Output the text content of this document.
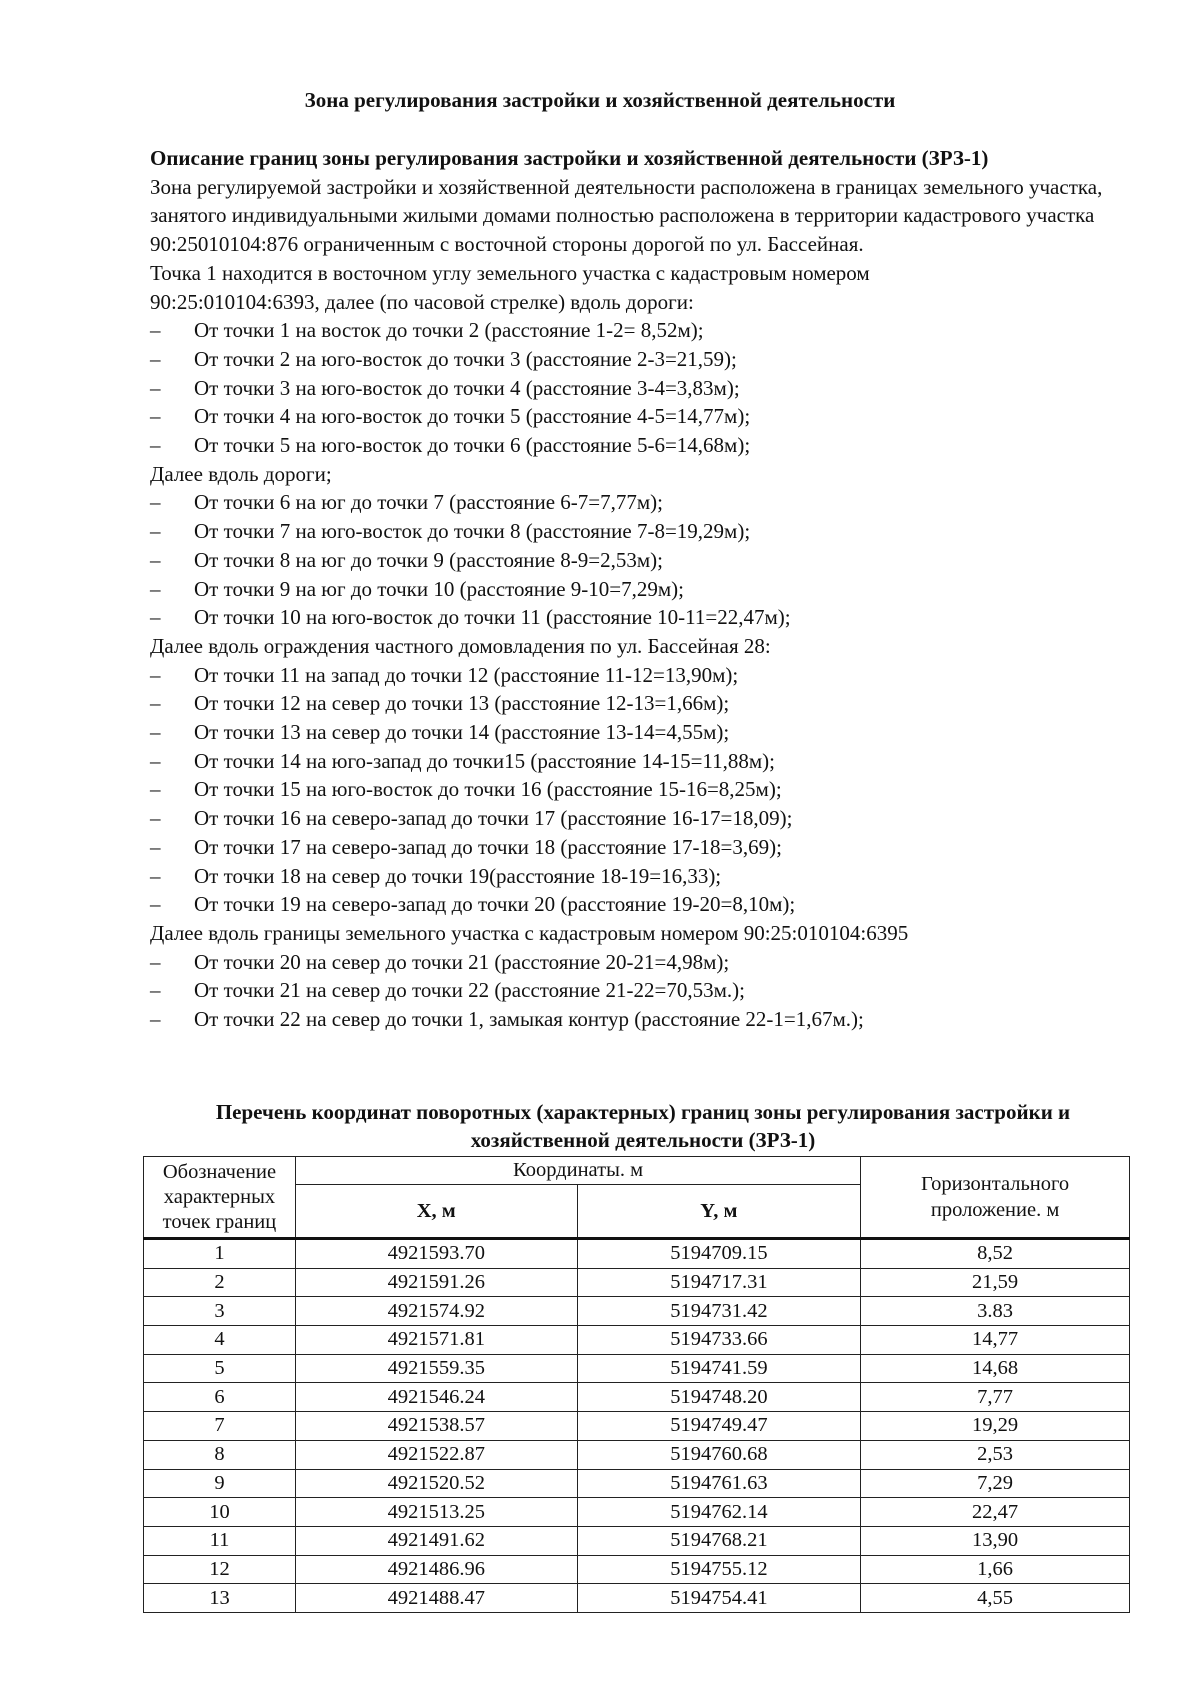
Зона регулирования застройки и хозяйственной деятельности
Описание границ зоны регулирования застройки и хозяйственной деятельности (ЗРЗ-1)
Зона регулируемой застройки и хозяйственной деятельности расположена в границах земельного участка, занятого индивидуальными жилыми домами полностью расположена в территории кадастрового участка 90:25010104:876 ограниченным с восточной стороны дорогой по ул. Бассейная.
Точка 1 находится в восточном углу земельного участка с кадастровым номером
90:25:010104:6393, далее (по часовой стрелке) вдоль дороги:
– От точки 1 на восток до точки 2 (расстояние 1-2= 8,52м);
– От точки 2 на юго-восток до точки 3 (расстояние 2-3=21,59);
– От точки 3 на юго-восток до точки 4 (расстояние 3-4=3,83м);
– От точки 4 на юго-восток до точки 5 (расстояние 4-5=14,77м);
– От точки 5 на юго-восток до точки 6 (расстояние 5-6=14,68м);
Далее вдоль дороги;
– От точки 6 на юг до точки 7 (расстояние 6-7=7,77м);
– От точки 7 на юго-восток до точки 8 (расстояние 7-8=19,29м);
– От точки 8 на юг до точки 9 (расстояние 8-9=2,53м);
– От точки 9 на юг до точки 10 (расстояние 9-10=7,29м);
– От точки 10 на юго-восток до точки 11 (расстояние 10-11=22,47м);
Далее вдоль ограждения частного домовладения по ул. Бассейная 28:
– От точки 11 на запад до точки 12 (расстояние 11-12=13,90м);
– От точки 12 на север до точки 13 (расстояние 12-13=1,66м);
– От точки 13 на север до точки 14 (расстояние 13-14=4,55м);
– От точки 14 на юго-запад до точки15 (расстояние 14-15=11,88м);
– От точки 15 на юго-восток до точки 16 (расстояние 15-16=8,25м);
– От точки 16 на северо-запад до точки 17 (расстояние 16-17=18,09);
– От точки 17 на северо-запад до точки 18 (расстояние 17-18=3,69);
– От точки 18 на север до точки 19(расстояние 18-19=16,33);
– От точки 19 на северо-запад до точки 20 (расстояние 19-20=8,10м);
Далее вдоль границы земельного участка с кадастровым номером 90:25:010104:6395
– От точки 20 на север до точки 21 (расстояние 20-21=4,98м);
– От точки 21 на север до точки 22 (расстояние 21-22=70,53м.);
– От точки 22 на север до точки 1, замыкая контур (расстояние 22-1=1,67м.);
Перечень координат поворотных (характерных) границ зоны регулирования застройки и хозяйственной деятельности (ЗРЗ-1)
Обозначение характерных точек границ	Координаты. м		Горизонтального проложение. м
	X, м	Y, м	
1	4921593.70	5194709.15	8,52
2	4921591.26	5194717.31	21,59
3	4921574.92	5194731.42	3.83
4	4921571.81	5194733.66	14,77
5	4921559.35	5194741.59	14,68
6	4921546.24	5194748.20	7,77
7	4921538.57	5194749.47	19,29
8	4921522.87	5194760.68	2,53
9	4921520.52	5194761.63	7,29
10	4921513.25	5194762.14	22,47
11	4921491.62	5194768.21	13,90
12	4921486.96	5194755.12	1,66
13	4921488.47	5194754.41	4,55
